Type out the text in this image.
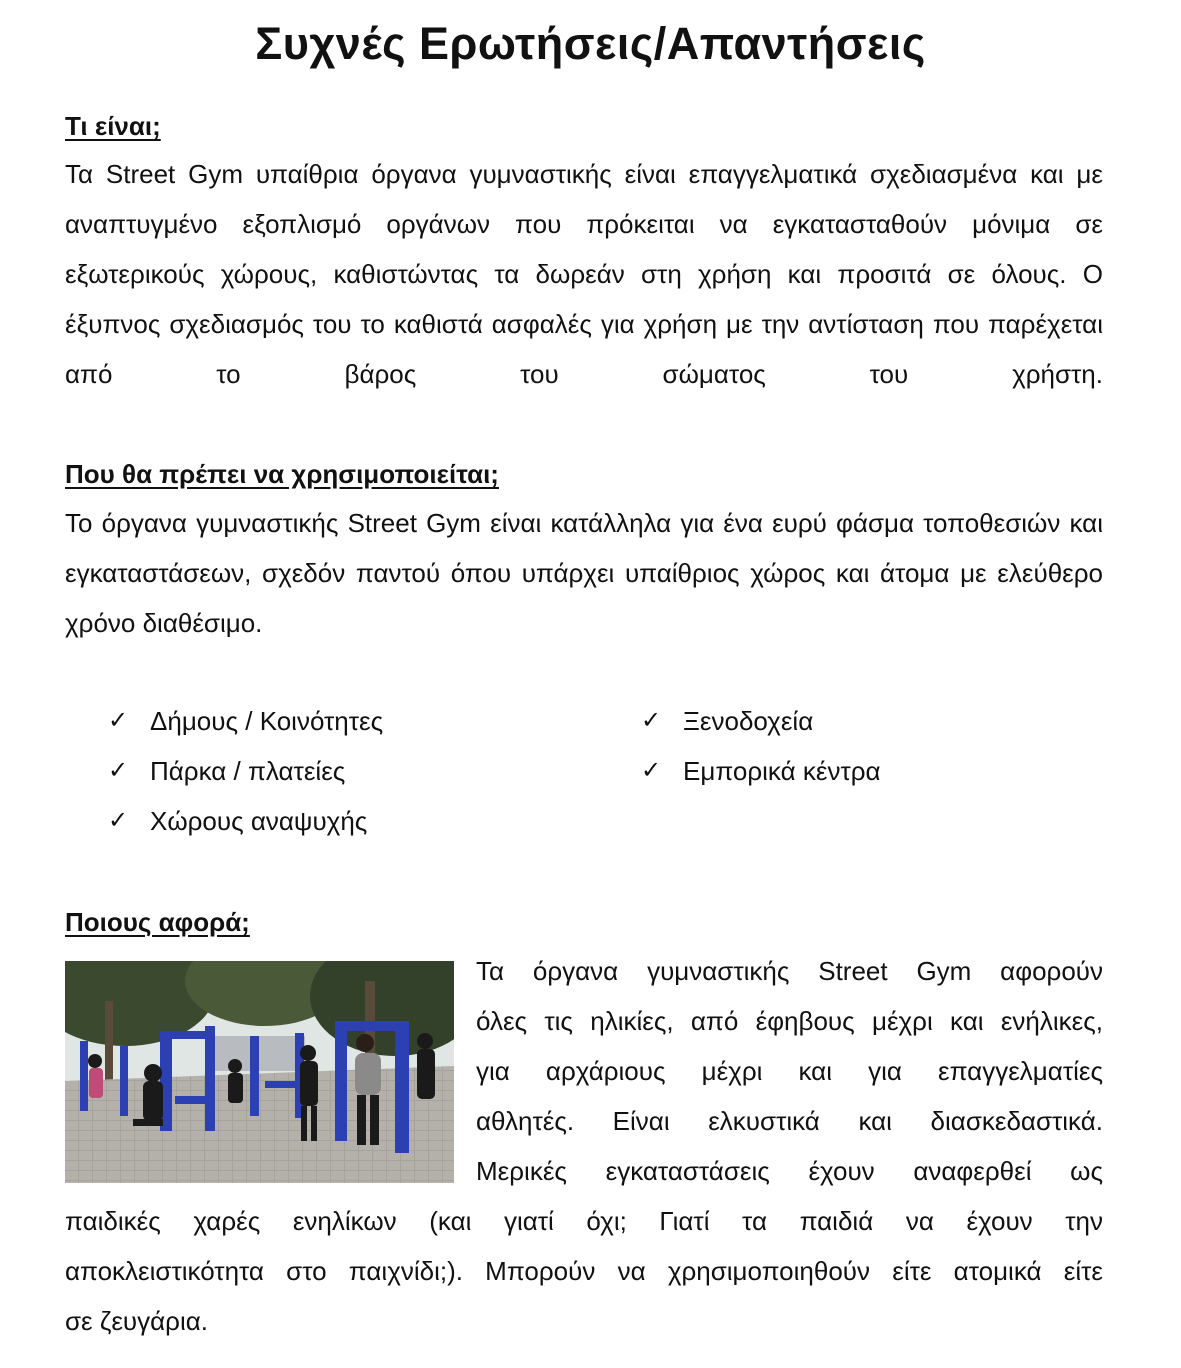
Συχνές Ερωτήσεις/Απαντήσεις
Τι είναι;

Τα Street Gym υπαίθρια όργανα γυμναστικής είναι επαγγελματικά σχεδιασμένα και με αναπτυγμένο εξοπλισμό οργάνων που πρόκειται να εγκατασταθούν μόνιμα σε εξωτερικούς χώρους, καθιστώντας τα δωρεάν στη χρήση και προσιτά σε όλους. Ο έξυπνος σχεδιασμός του το καθιστά ασφαλές για χρήση με την αντίσταση που παρέχεται από το βάρος του σώματος του χρήστη.

Που θα πρέπει να χρησιμοποιείται;

Το όργανα γυμναστικής Street Gym είναι κατάλληλα για ένα ευρύ φάσμα τοποθεσιών και εγκαταστάσεων, σχεδόν παντού όπου υπάρχει υπαίθριος χώρος και άτομα με ελεύθερο χρόνο διαθέσιμο.

✓ Δήμους / Κοινότητες
✓ Πάρκα / πλατείες
✓ Χώρους αναψυχής
✓ Ξενοδοχεία
✓ Εμπορικά κέντρα
Ποιους αφορά;

Τα όργανα γυμναστικής Street Gym αφορούν
όλες τις ηλικίες, από έφηβους μέχρι και ενήλικες,
για αρχάριους μέχρι και για επαγγελματίες
αθλητές. Είναι ελκυστικά και διασκεδαστικά.
Μερικές εγκαταστάσεις έχουν αναφερθεί ως

παιδικές χαρές ενηλίκων (και γιατί όχι; Γιατί τα παιδιά να έχουν την
αποκλειστικότητα στο παιχνίδι;). Μπορούν να χρησιμοποιηθούν είτε ατομικά είτε
σε ζευγάρια.
